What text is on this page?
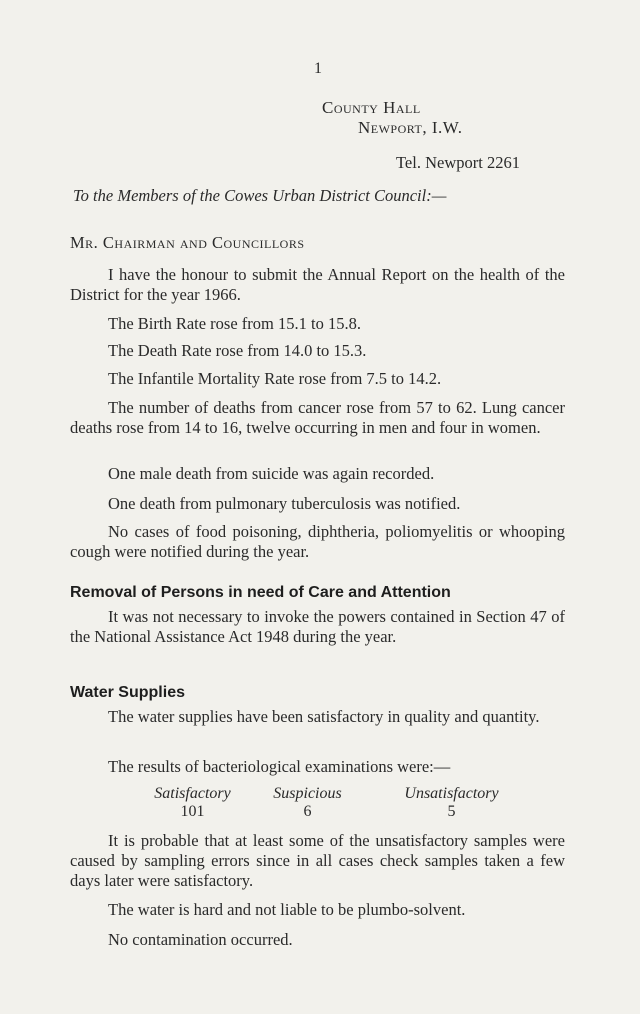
1
County Hall
Newport, I.W.
Tel. Newport 2261
To the Members of the Cowes Urban District Council:—
Mr. Chairman and Councillors

I have the honour to submit the Annual Report on the health of the District for the year 1966.

The Birth Rate rose from 15.1 to 15.8.

The Death Rate rose from 14.0 to 15.3.

The Infantile Mortality Rate rose from 7.5 to 14.2.

The number of deaths from cancer rose from 57 to 62. Lung cancer deaths rose from 14 to 16, twelve occurring in men and four in women.

One male death from suicide was again recorded.

One death from pulmonary tuberculosis was notified.

No cases of food poisoning, diphtheria, poliomyelitis or whooping cough were notified during the year.

Removal of Persons in need of Care and Attention

It was not necessary to invoke the powers contained in Section 47 of the National Assistance Act 1948 during the year.

Water Supplies

The water supplies have been satisfactory in quality and quantity.

The results of bacteriological examinations were:—

Satisfactory
101
Suspicious
6
Unsatisfactory
5

It is probable that at least some of the unsatisfactory samples were caused by sampling errors since in all cases check samples taken a few days later were satisfactory.

The water is hard and not liable to be plumbo-solvent.

No contamination occurred.
